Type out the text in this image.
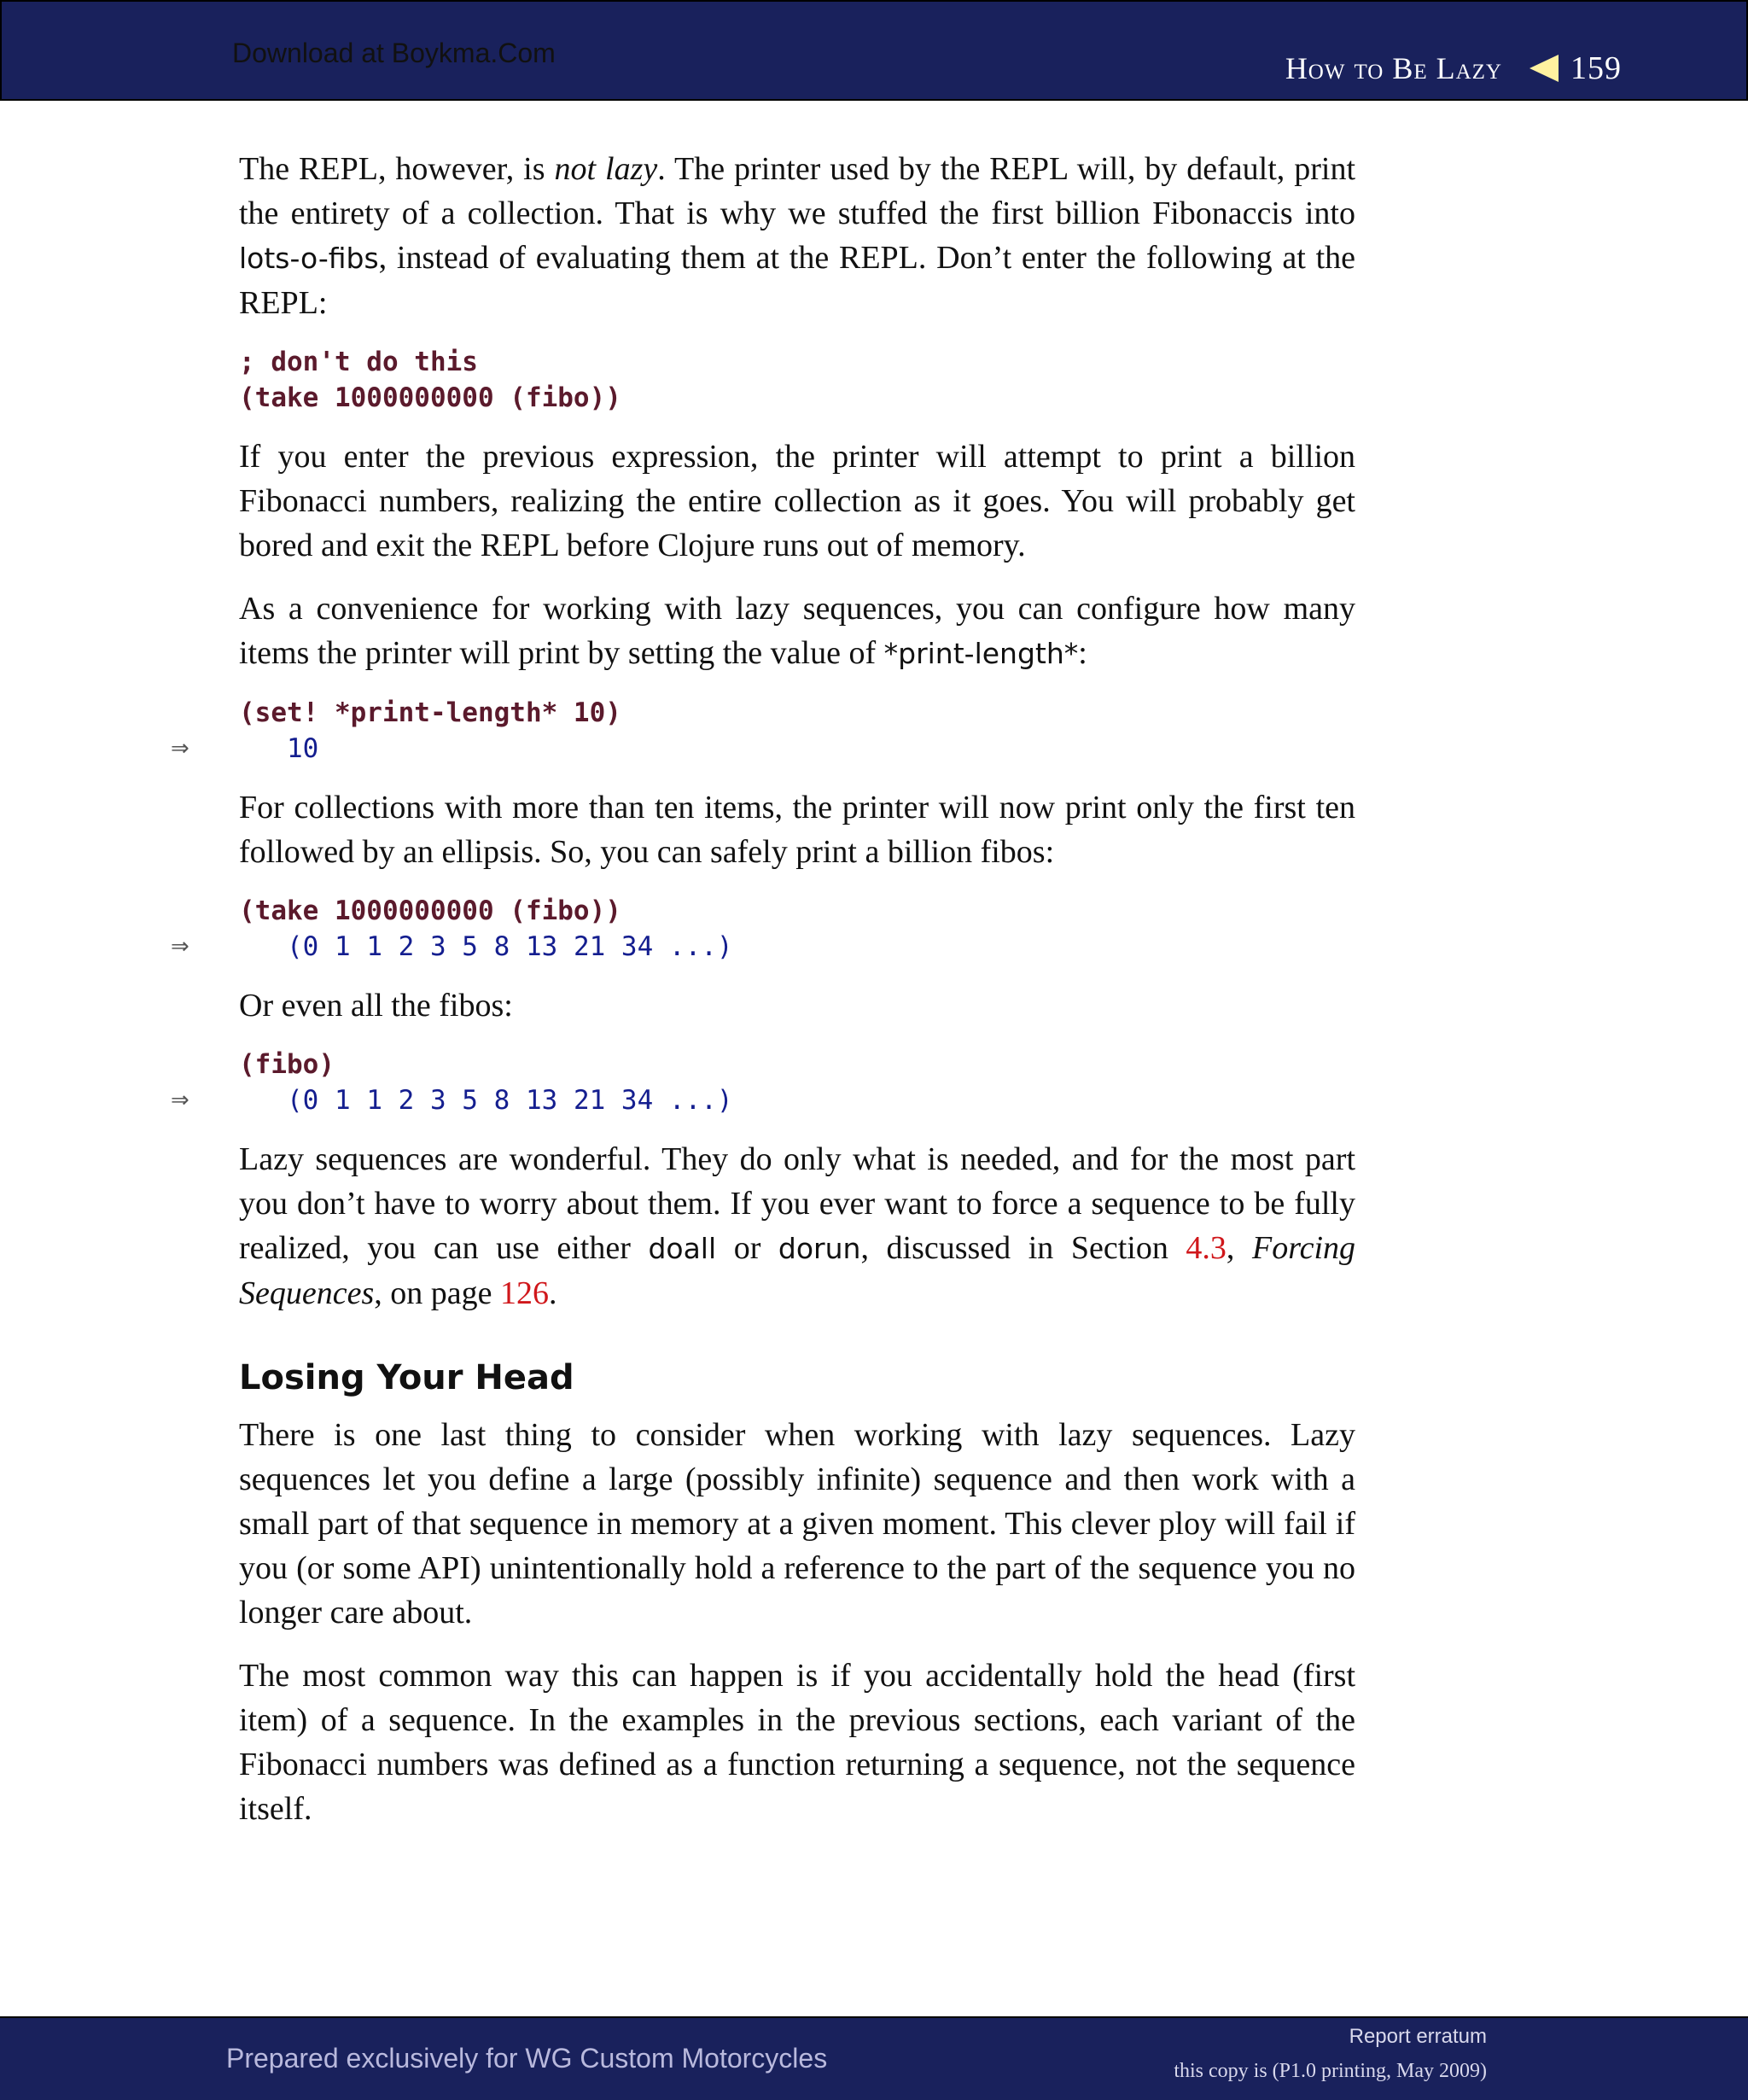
Download at Boykma.Com	How to Be Lazy 159

The REPL, however, is not lazy. The printer used by the REPL will, by default, print the entirety of a collection. That is why we stuffed the first billion Fibonaccis into lots-o-fibs, instead of evaluating them at the REPL. Don’t enter the following at the REPL:

; don't do this
(take 1000000000 (fibo))

If you enter the previous expression, the printer will attempt to print a billion Fibonacci numbers, realizing the entire collection as it goes. You will probably get bored and exit the REPL before Clojure runs out of memory.

As a convenience for working with lazy sequences, you can configure how many items the printer will print by setting the value of *print-length*:

(set! *print-length* 10)
⇒	10

For collections with more than ten items, the printer will now print only the first ten followed by an ellipsis. So, you can safely print a billion fibos:

(take 1000000000 (fibo))
⇒	(0 1 1 2 3 5 8 13 21 34 ...)

Or even all the fibos:

(fibo)
⇒	(0 1 1 2 3 5 8 13 21 34 ...)

Lazy sequences are wonderful. They do only what is needed, and for the most part you don’t have to worry about them. If you ever want to force a sequence to be fully realized, you can use either doall or dorun, discussed in Section 4.3, Forcing Sequences, on page 126.

Losing Your Head

There is one last thing to consider when working with lazy sequences. Lazy sequences let you define a large (possibly infinite) sequence and then work with a small part of that sequence in memory at a given moment. This clever ploy will fail if you (or some API) unintentionally hold a reference to the part of the sequence you no longer care about.

The most common way this can happen is if you accidentally hold the head (first item) of a sequence. In the examples in the previous sections, each variant of the Fibonacci numbers was defined as a function returning a sequence, not the sequence itself.

Prepared exclusively for WG Custom Motorcycles
Report erratum
this copy is (P1.0 printing, May 2009)
